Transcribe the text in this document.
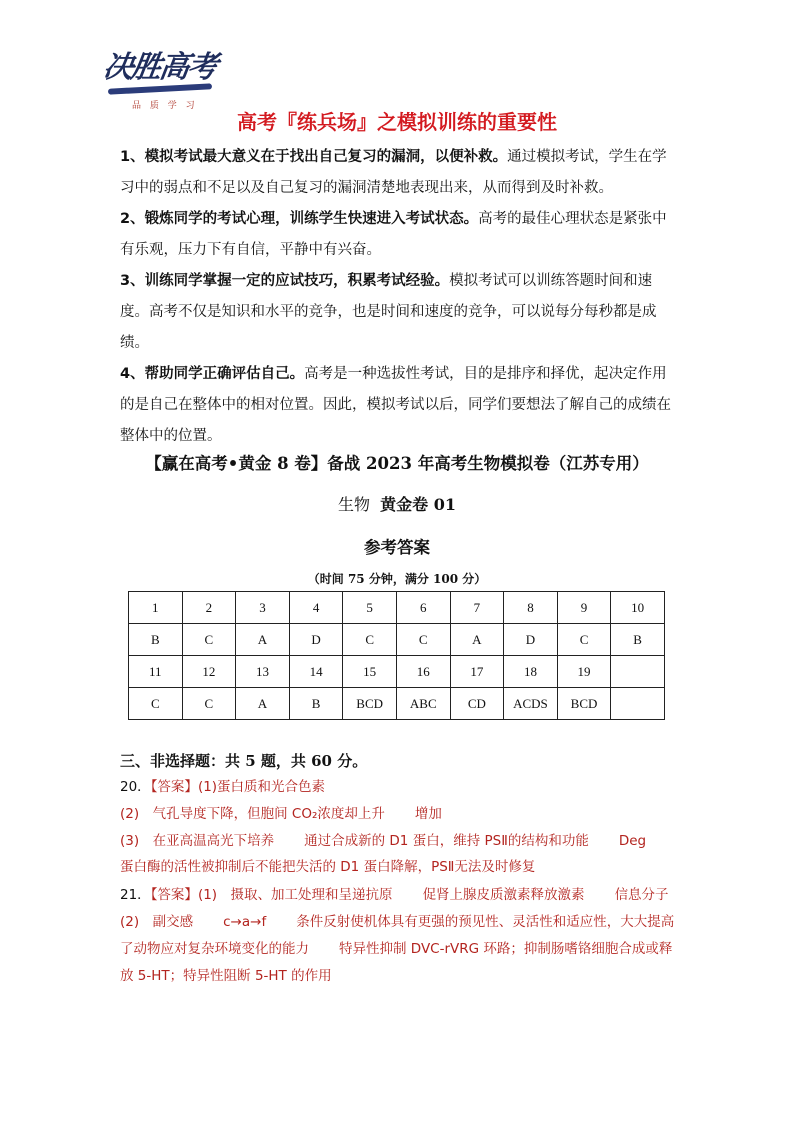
决胜高考
品 质 学 习
高考『练兵场』之模拟训练的重要性

1、模拟考试最大意义在于找出自己复习的漏洞，以便补救。通过模拟考试，学生在学习中的弱点和不足以及自己复习的漏洞清楚地表现出来，从而得到及时补救。

2、锻炼同学的考试心理，训练学生快速进入考试状态。高考的最佳心理状态是紧张中有乐观，压力下有自信，平静中有兴奋。

3、训练同学掌握一定的应试技巧，积累考试经验。模拟考试可以训练答题时间和速度。高考不仅是知识和水平的竞争，也是时间和速度的竞争，可以说每分每秒都是成绩。

4、帮助同学正确评估自己。高考是一种选拔性考试，目的是排序和择优，起决定作用的是自己在整体中的相对位置。因此，模拟考试以后，同学们要想法了解自己的成绩在整体中的位置。

【赢在高考•黄金 8 卷】备战 2023 年高考生物模拟卷（江苏专用）
生物 黄金卷 01
参考答案
（时间 75 分钟，满分 100 分）
1	2	3	4	5	6	7	8	9	10
B	C	A	D	C	C	A	D	C	B
11	12	13	14	15	16	17	18	19	
C	C	A	B	BCD	ABC	CD	ACDS	BCD	
三、非选择题：共 5 题，共 60 分。
20．【答案】(1)蛋白质和光合色素
(2)　气孔导度下降，但胞间 CO₂浓度却上升 增加
(3)　在亚高温高光下培养 通过合成新的 D1 蛋白，维持 PSⅡ的结构和功能 Deg
蛋白酶的活性被抑制后不能把失活的 D1 蛋白降解，PSⅡ无法及时修复
21．【答案】(1)　摄取、加工处理和呈递抗原 促肾上腺皮质激素释放激素 信息分子
(2)　副交感 c→a→f 条件反射使机体具有更强的预见性、灵活性和适应性，大大提高了动物应对复杂环境变化的能力 特异性抑制 DVC-rVRG 环路；抑制肠嗜铬细胞合成或释放 5-HT；特异性阻断 5-HT 的作用
